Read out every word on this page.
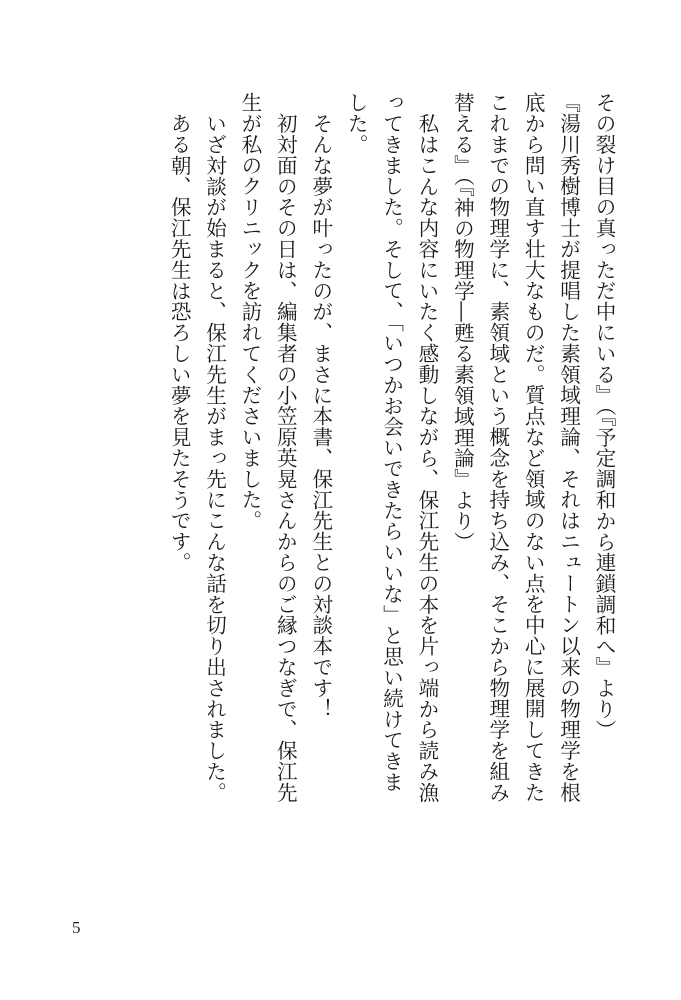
その裂け目の真っただ中にいる』（『予定調和から連鎖調和へ』より）

『湯川秀樹博士が提唱した素領域理論、それはニュートン以来の物理学を根底から問い直す壮大なものだ。質点など領域のない点を中心に展開してきたこれまでの物理学に、素領域という概念を持ち込み、そこから物理学を組み替える』（『神の物理学―甦る素領域理論』より）

私はこんな内容にいたく感動しながら、保江先生の本を片っ端から読み漁ってきました。そして、「いつかお会いできたらいいな」と思い続けてきました。

そんな夢が叶ったのが、まさに本書、保江先生との対談本です！

初対面のその日は、編集者の小笠原英晃さんからのご縁つなぎで、保江先生が私のクリニックを訪れてくださいました。

いざ対談が始まると、保江先生がまっ先にこんな話を切り出されました。

ある朝、保江先生は恐ろしい夢を見たそうです。

5
